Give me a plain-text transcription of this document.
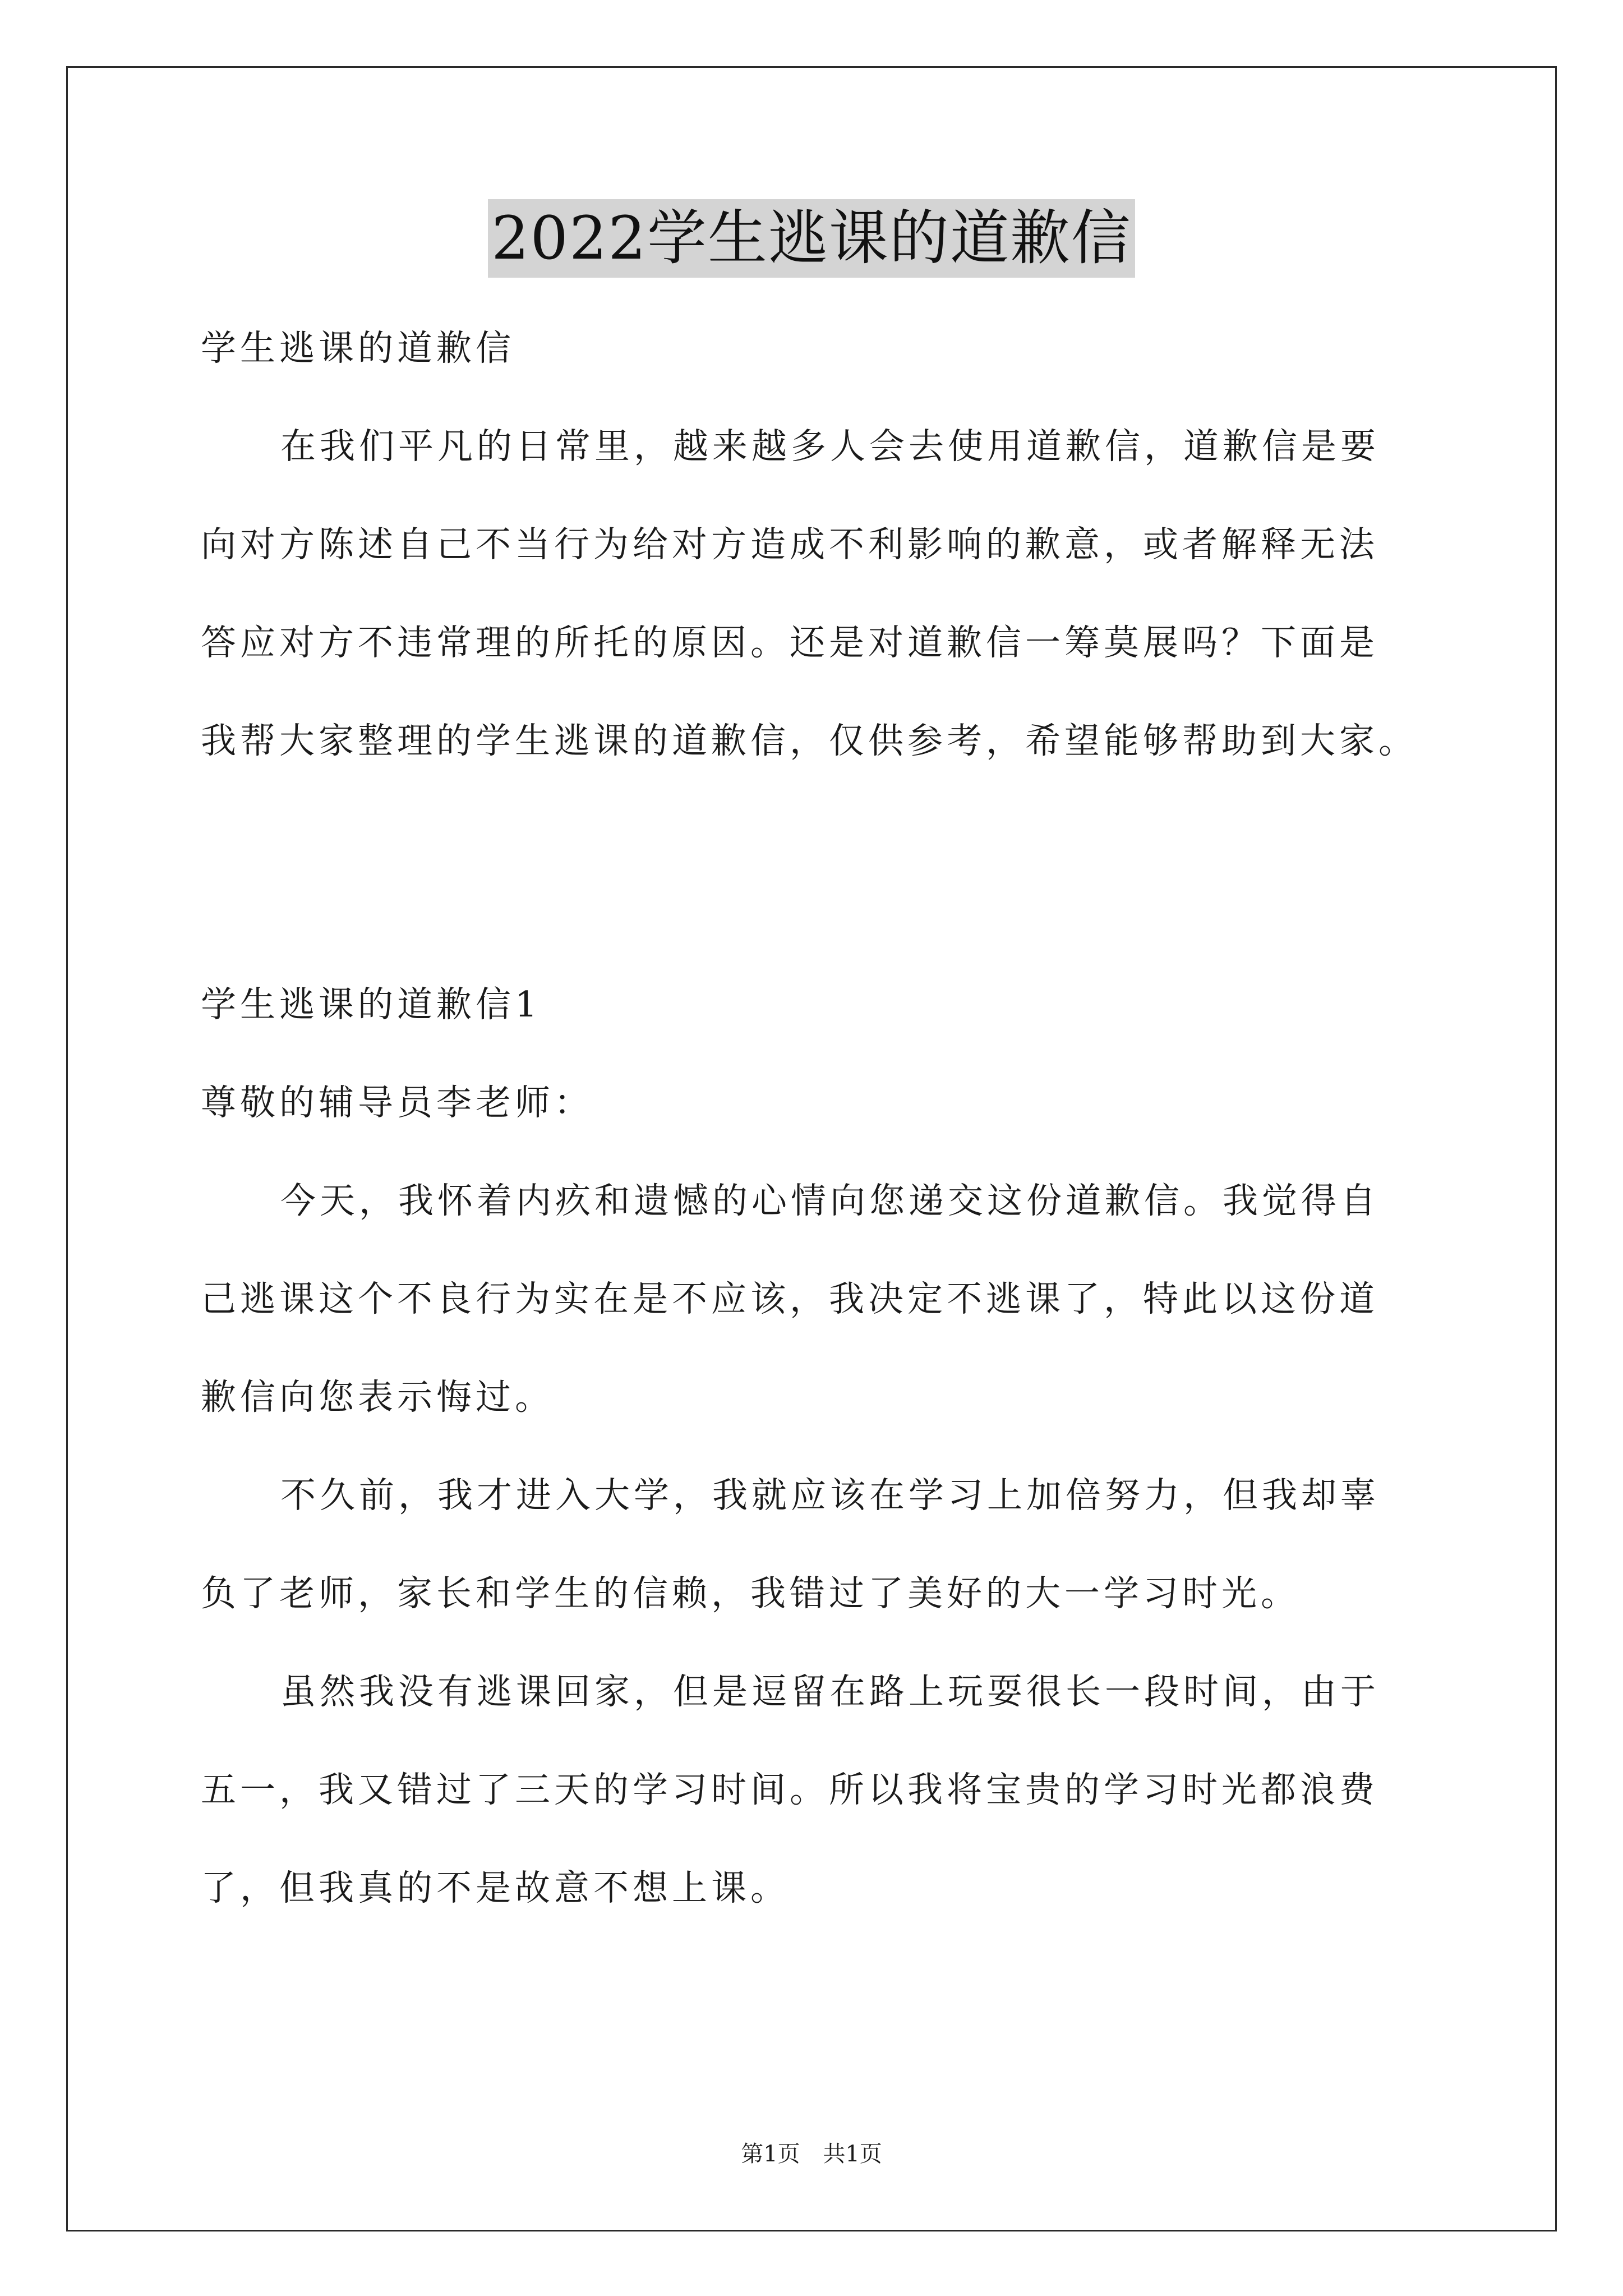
2022学生逃课的道歉信
学生逃课的道歉信
在我们平凡的日常里，越来越多人会去使用道歉信，道歉信是要
向对方陈述自己不当行为给对方造成不利影响的歉意，或者解释无法
答应对方不违常理的所托的原因。还是对道歉信一筹莫展吗？下面是
我帮大家整理的学生逃课的道歉信，仅供参考，希望能够帮助到大家。
学生逃课的道歉信1
尊敬的辅导员李老师：
今天，我怀着内疚和遗憾的心情向您递交这份道歉信。我觉得自
己逃课这个不良行为实在是不应该，我决定不逃课了，特此以这份道
歉信向您表示悔过。
不久前，我才进入大学，我就应该在学习上加倍努力，但我却辜
负了老师，家长和学生的信赖，我错过了美好的大一学习时光。
虽然我没有逃课回家，但是逗留在路上玩耍很长一段时间，由于
五一，我又错过了三天的学习时间。所以我将宝贵的学习时光都浪费
了，但我真的不是故意不想上课。
第1页 共1页
